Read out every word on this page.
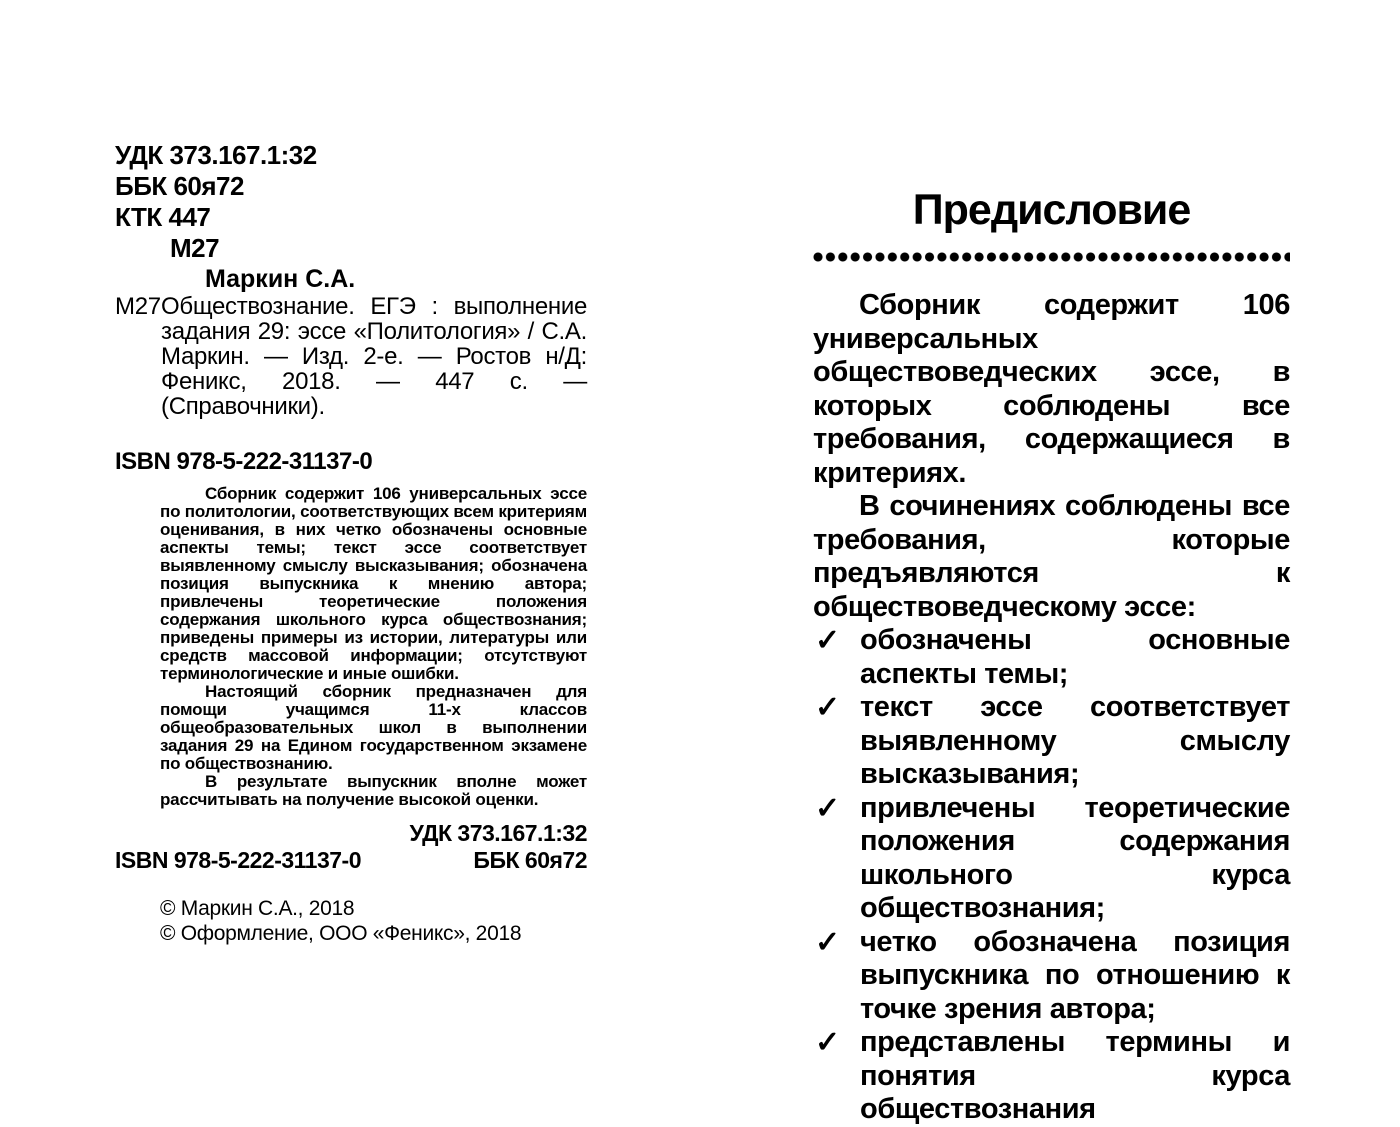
УДК 373.167.1:32
ББК 60я72
КТК 447
М27
Маркин С.А.
М27 Обществознание. ЕГЭ : выполнение задания 29: эссе «Политология» / С.А. Маркин. — Изд. 2-е. — Ростов н/Д: Феникс, 2018. — 447 с. — (Справочники).
ISBN 978-5-222-31137-0

Сборник содержит 106 универсальных эссе по политологии, соответствующих всем критериям оценивания, в них четко обозначены основные аспекты темы; текст эссе соответствует выявленному смыслу высказывания; обозначена позиция выпускника к мнению автора; привлечены теоретические положения содержания школьного курса обществознания; приведены примеры из истории, литературы или средств массовой информации; отсутствуют терминологические и иные ошибки.

Настоящий сборник предназначен для помощи учащимся 11-х классов общеобразовательных школ в выполнении задания 29 на Едином государственном экзамене по обществознанию.

В результате выпускник вполне может рассчитывать на получение высокой оценки.

УДК 373.167.1:32
ISBN 978-5-222-31137-0	ББК 60я72
© Маркин С.А., 2018
© Оформление, ООО «Феникс», 2018
Предисловие

Сборник содержит 106 универсальных обществоведческих эссе, в которых соблюдены все требования, содержащиеся в критериях.

В сочинениях соблюдены все требования, которые предъявляются к обществоведческому эссе:

✓ обозначены основные аспекты темы;
✓ текст эссе соответствует выявленному смыслу высказывания;
✓ привлечены теоретические положения содержания школьного курса обществознания;
✓ четко обозначена позиция выпускника по отношению к точке зрения автора;
✓ представлены термины и понятия курса обществознания
